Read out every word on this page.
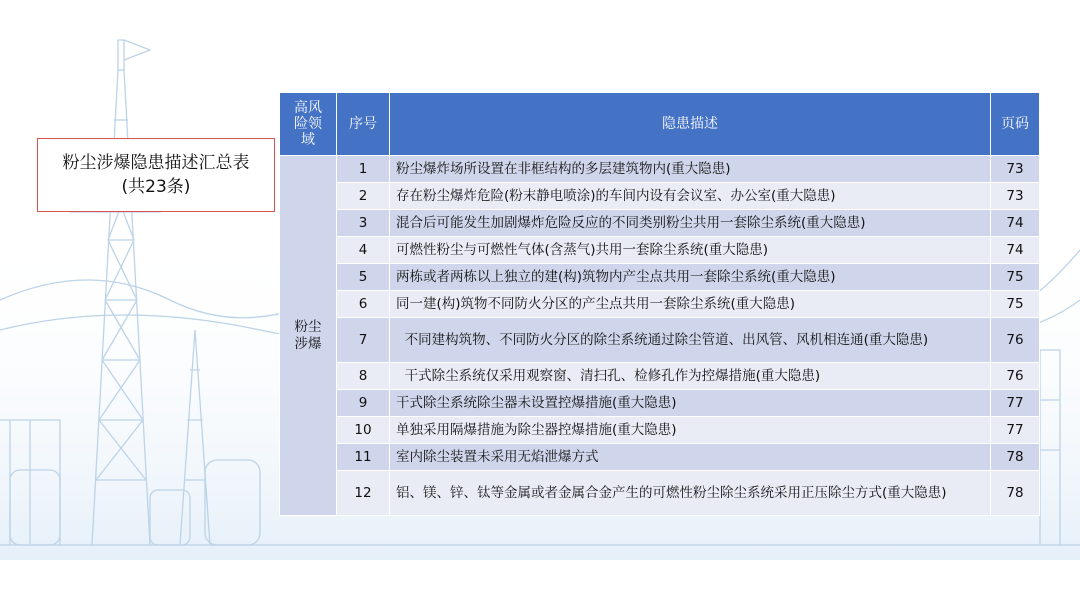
粉尘涉爆隐患描述汇总表
(共23条)
高风险领域	序号	隐患描述	页码

粉尘涉爆	1	粉尘爆炸场所设置在非框结构的多层建筑物内(重大隐患)	73
	2	存在粉尘爆炸危险(粉末静电喷涂)的车间内设有会议室、办公室(重大隐患)	73
	3	混合后可能发生加剧爆炸危险反应的不同类别粉尘共用一套除尘系统(重大隐患)	74
	4	可燃性粉尘与可燃性气体(含蒸气)共用一套除尘系统(重大隐患)	74
	5	两栋或者两栋以上独立的建(构)筑物内产尘点共用一套除尘系统(重大隐患)	75
	6	同一建(构)筑物不同防火分区的产尘点共用一套除尘系统(重大隐患)	75
	7	不同建构筑物、不同防火分区的除尘系统通过除尘管道、出风管、风机相连通(重大隐患)	76
	8	干式除尘系统仅采用观察窗、清扫孔、检修孔作为控爆措施(重大隐患)	76
	9	干式除尘系统除尘器未设置控爆措施(重大隐患)	77
	10	单独采用隔爆措施为除尘器控爆措施(重大隐患)	77
	11	室内除尘装置未采用无焰泄爆方式	78
	12	铝、镁、锌、钛等金属或者金属合金产生的可燃性粉尘除尘系统采用正压除尘方式(重大隐患)	78
